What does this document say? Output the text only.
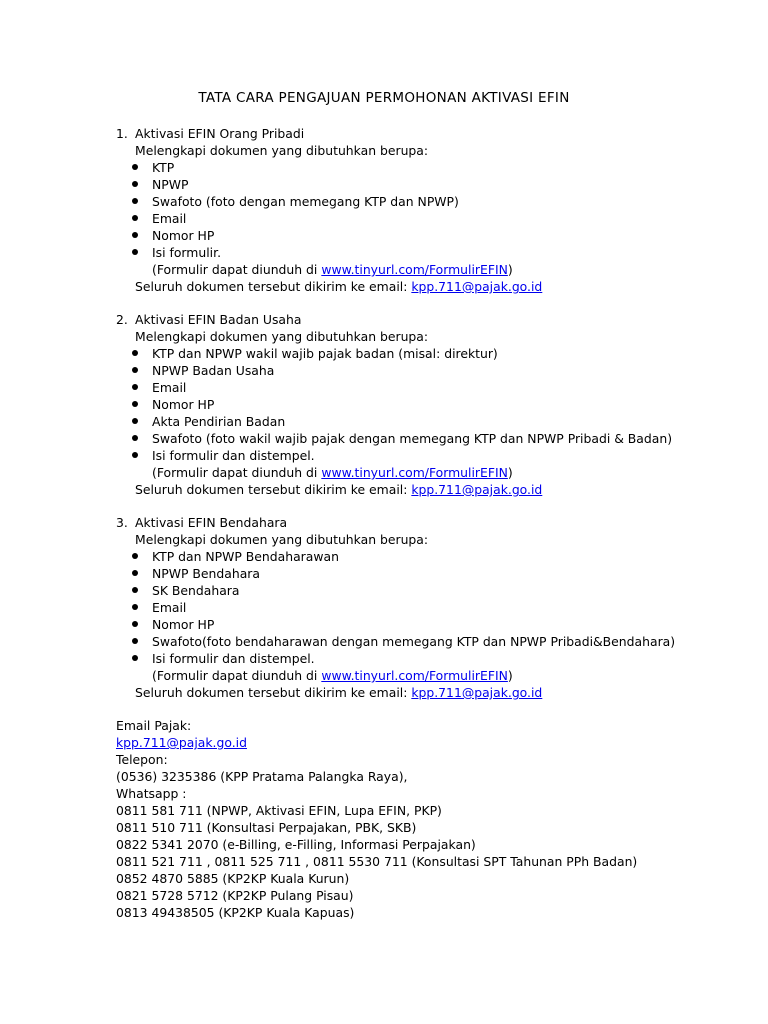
TATA CARA PENGAJUAN PERMOHONAN AKTIVASI EFIN
1. Aktivasi EFIN Orang Pribadi
Melengkapi dokumen yang dibutuhkan berupa:
KTP
NPWP
Swafoto (foto dengan memegang KTP dan NPWP)
Email
Nomor HP
Isi formulir.
(Formulir dapat diunduh di www.tinyurl.com/FormulirEFIN)
Seluruh dokumen tersebut dikirim ke email: kpp.711@pajak.go.id
2. Aktivasi EFIN Badan Usaha
Melengkapi dokumen yang dibutuhkan berupa:
KTP dan NPWP wakil wajib pajak badan (misal: direktur)
NPWP Badan Usaha
Email
Nomor HP
Akta Pendirian Badan
Swafoto (foto wakil wajib pajak dengan memegang KTP dan NPWP Pribadi & Badan)
Isi formulir dan distempel.
(Formulir dapat diunduh di www.tinyurl.com/FormulirEFIN)
Seluruh dokumen tersebut dikirim ke email: kpp.711@pajak.go.id
3. Aktivasi EFIN Bendahara
Melengkapi dokumen yang dibutuhkan berupa:
KTP dan NPWP Bendaharawan
NPWP Bendahara
SK Bendahara
Email
Nomor HP
Swafoto(foto bendaharawan dengan memegang KTP dan NPWP Pribadi&Bendahara)
Isi formulir dan distempel.
(Formulir dapat diunduh di www.tinyurl.com/FormulirEFIN)
Seluruh dokumen tersebut dikirim ke email: kpp.711@pajak.go.id
Email Pajak:
kpp.711@pajak.go.id
Telepon:
(0536) 3235386 (KPP Pratama Palangka Raya),
Whatsapp :
0811 581 711 (NPWP, Aktivasi EFIN, Lupa EFIN, PKP)
0811 510 711 (Konsultasi Perpajakan, PBK, SKB)
0822 5341 2070 (e-Billing, e-Filling, Informasi Perpajakan)
0811 521 711 , 0811 525 711 , 0811 5530 711 (Konsultasi SPT Tahunan PPh Badan)
0852 4870 5885 (KP2KP Kuala Kurun)
0821 5728 5712 (KP2KP Pulang Pisau)
0813 49438505 (KP2KP Kuala Kapuas)
